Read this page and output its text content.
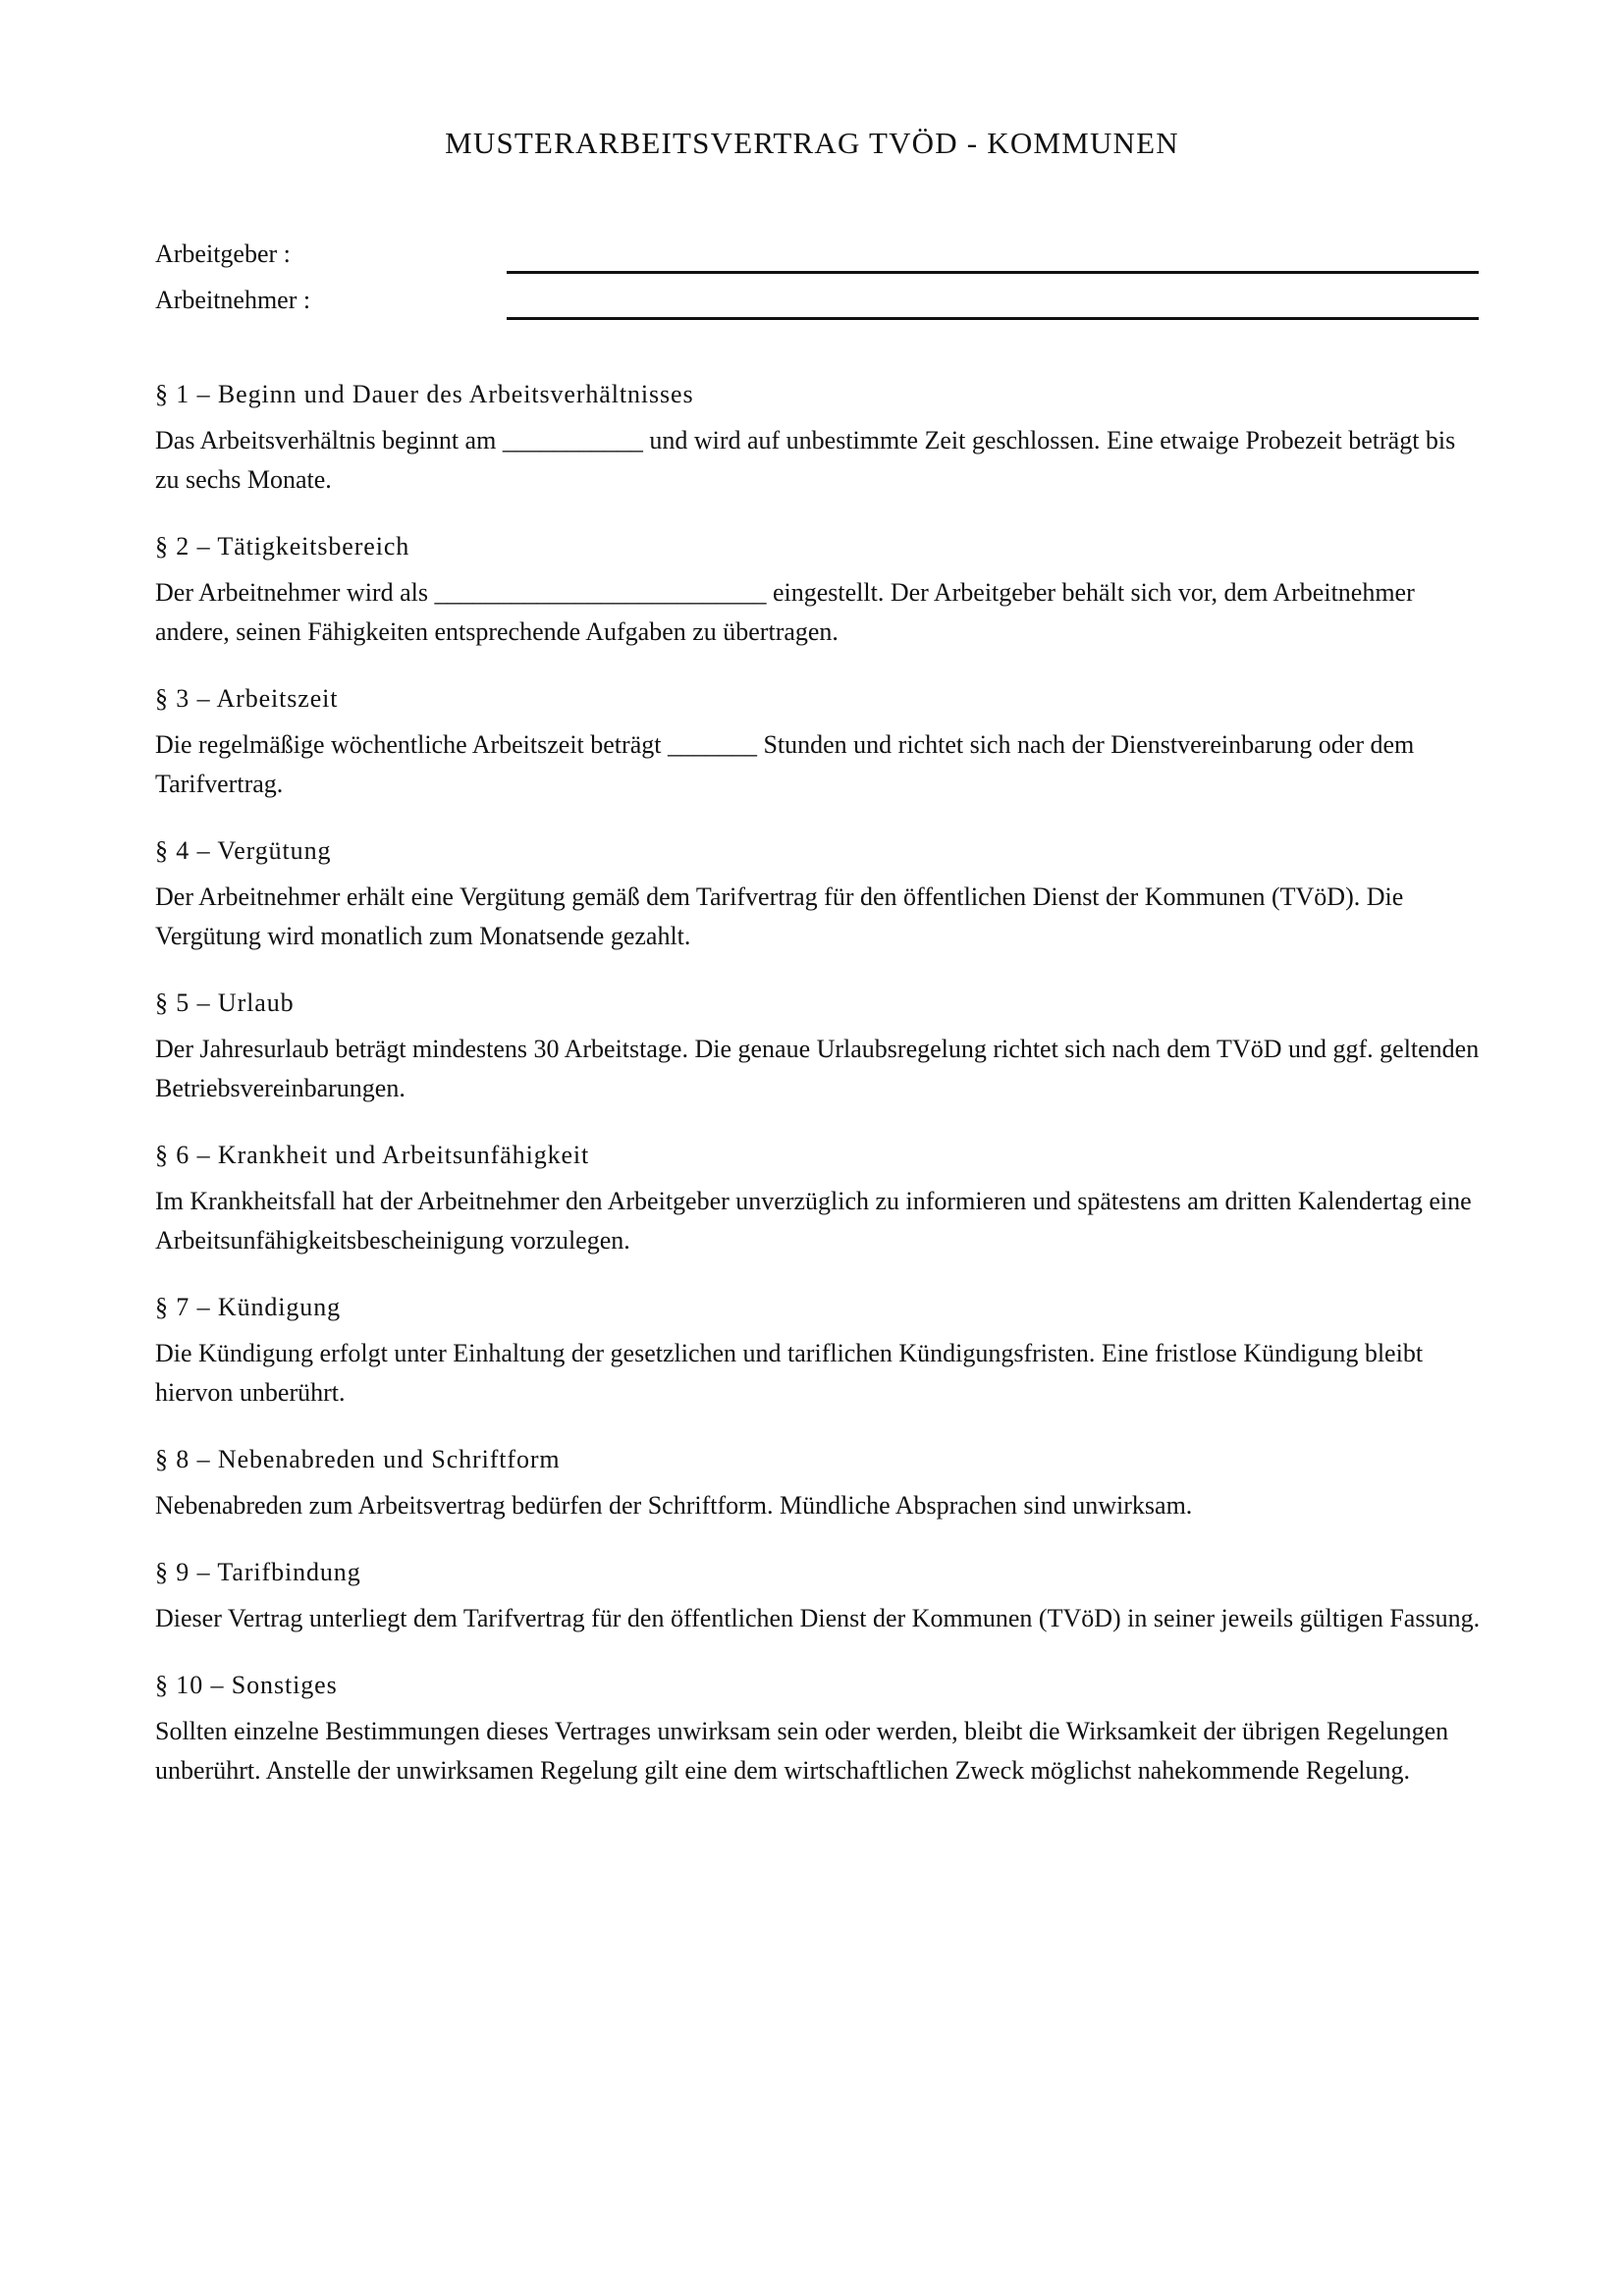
MUSTERARBEITSVERTRAG TVÖD - KOMMUNEN
Arbeitgeber :
Arbeitnehmer :
§ 1 – Beginn und Dauer des Arbeitsverhältnisses

Das Arbeitsverhältnis beginnt am ___________ und wird auf unbestimmte Zeit geschlossen. Eine etwaige Probezeit beträgt bis zu sechs Monate.

§ 2 – Tätigkeitsbereich

Der Arbeitnehmer wird als __________________________ eingestellt. Der Arbeitgeber behält sich vor, dem Arbeitnehmer andere, seinen Fähigkeiten entsprechende Aufgaben zu übertragen.

§ 3 – Arbeitszeit

Die regelmäßige wöchentliche Arbeitszeit beträgt _______ Stunden und richtet sich nach der Dienstvereinbarung oder dem Tarifvertrag.

§ 4 – Vergütung

Der Arbeitnehmer erhält eine Vergütung gemäß dem Tarifvertrag für den öffentlichen Dienst der Kommunen (TVöD). Die Vergütung wird monatlich zum Monatsende gezahlt.

§ 5 – Urlaub

Der Jahresurlaub beträgt mindestens 30 Arbeitstage. Die genaue Urlaubsregelung richtet sich nach dem TVöD und ggf. geltenden Betriebsvereinbarungen.

§ 6 – Krankheit und Arbeitsunfähigkeit

Im Krankheitsfall hat der Arbeitnehmer den Arbeitgeber unverzüglich zu informieren und spätestens am dritten Kalendertag eine Arbeitsunfähigkeitsbescheinigung vorzulegen.

§ 7 – Kündigung

Die Kündigung erfolgt unter Einhaltung der gesetzlichen und tariflichen Kündigungsfristen. Eine fristlose Kündigung bleibt hiervon unberührt.

§ 8 – Nebenabreden und Schriftform

Nebenabreden zum Arbeitsvertrag bedürfen der Schriftform. Mündliche Absprachen sind unwirksam.

§ 9 – Tarifbindung

Dieser Vertrag unterliegt dem Tarifvertrag für den öffentlichen Dienst der Kommunen (TVöD) in seiner jeweils gültigen Fassung.

§ 10 – Sonstiges

Sollten einzelne Bestimmungen dieses Vertrages unwirksam sein oder werden, bleibt die Wirksamkeit der übrigen Regelungen unberührt. Anstelle der unwirksamen Regelung gilt eine dem wirtschaftlichen Zweck möglichst nahekommende Regelung.
